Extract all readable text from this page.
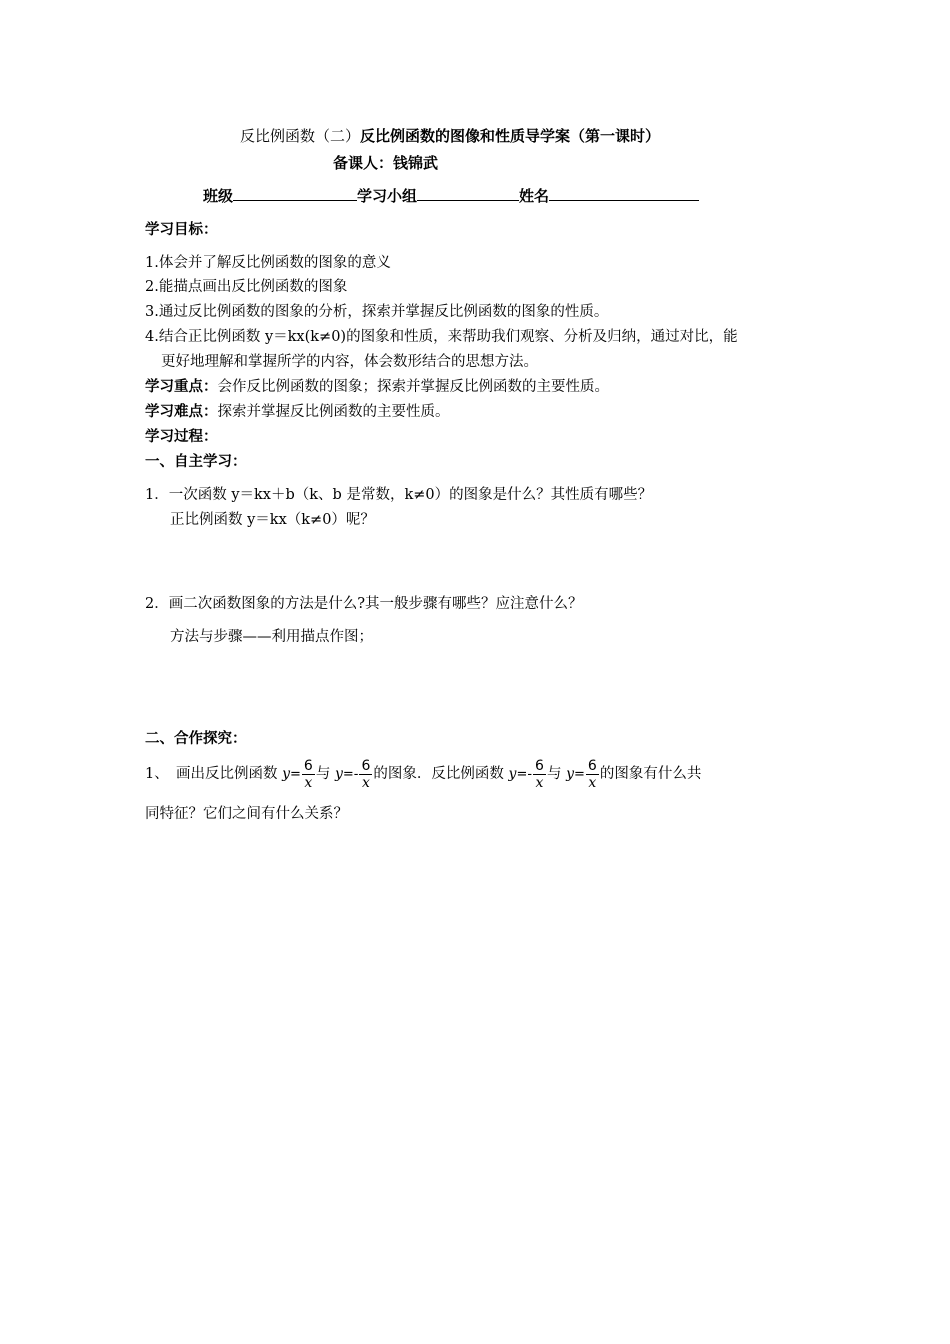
反比例函数（二）反比例函数的图像和性质导学案（第一课时）
备课人：钱锦武
班级	学习小组	姓名
学习目标：
1.体会并了解反比例函数的图象的意义
2.能描点画出反比例函数的图象
3.通过反比例函数的图象的分析，探索并掌握反比例函数的图象的性质。
4.结合正比例函数 y＝kx(k≠0)的图象和性质，来帮助我们观察、分析及归纳，通过对比，能
更好地理解和掌握所学的内容，体会数形结合的思想方法。
学习重点：会作反比例函数的图象；探索并掌握反比例函数的主要性质。
学习难点：探索并掌握反比例函数的主要性质。
学习过程：
一、自主学习：
1．一次函数 y＝kx＋b（k、b 是常数，k≠0）的图象是什么？其性质有哪些？
正比例函数 y＝kx（k≠0）呢？
2．画二次函数图象的方法是什么?其一般步骤有哪些？应注意什么？
方法与步骤——利用描点作图；
二、合作探究：
1、　画出反比例函数 $y= \frac{6}{x}$ 与 $y=- \frac{6}{x}$ 的图象．反比例函数 $y=- \frac{6}{x}$ 与 $y= \frac{6}{x}$ 的图象有什么共
同特征？它们之间有什么关系？
